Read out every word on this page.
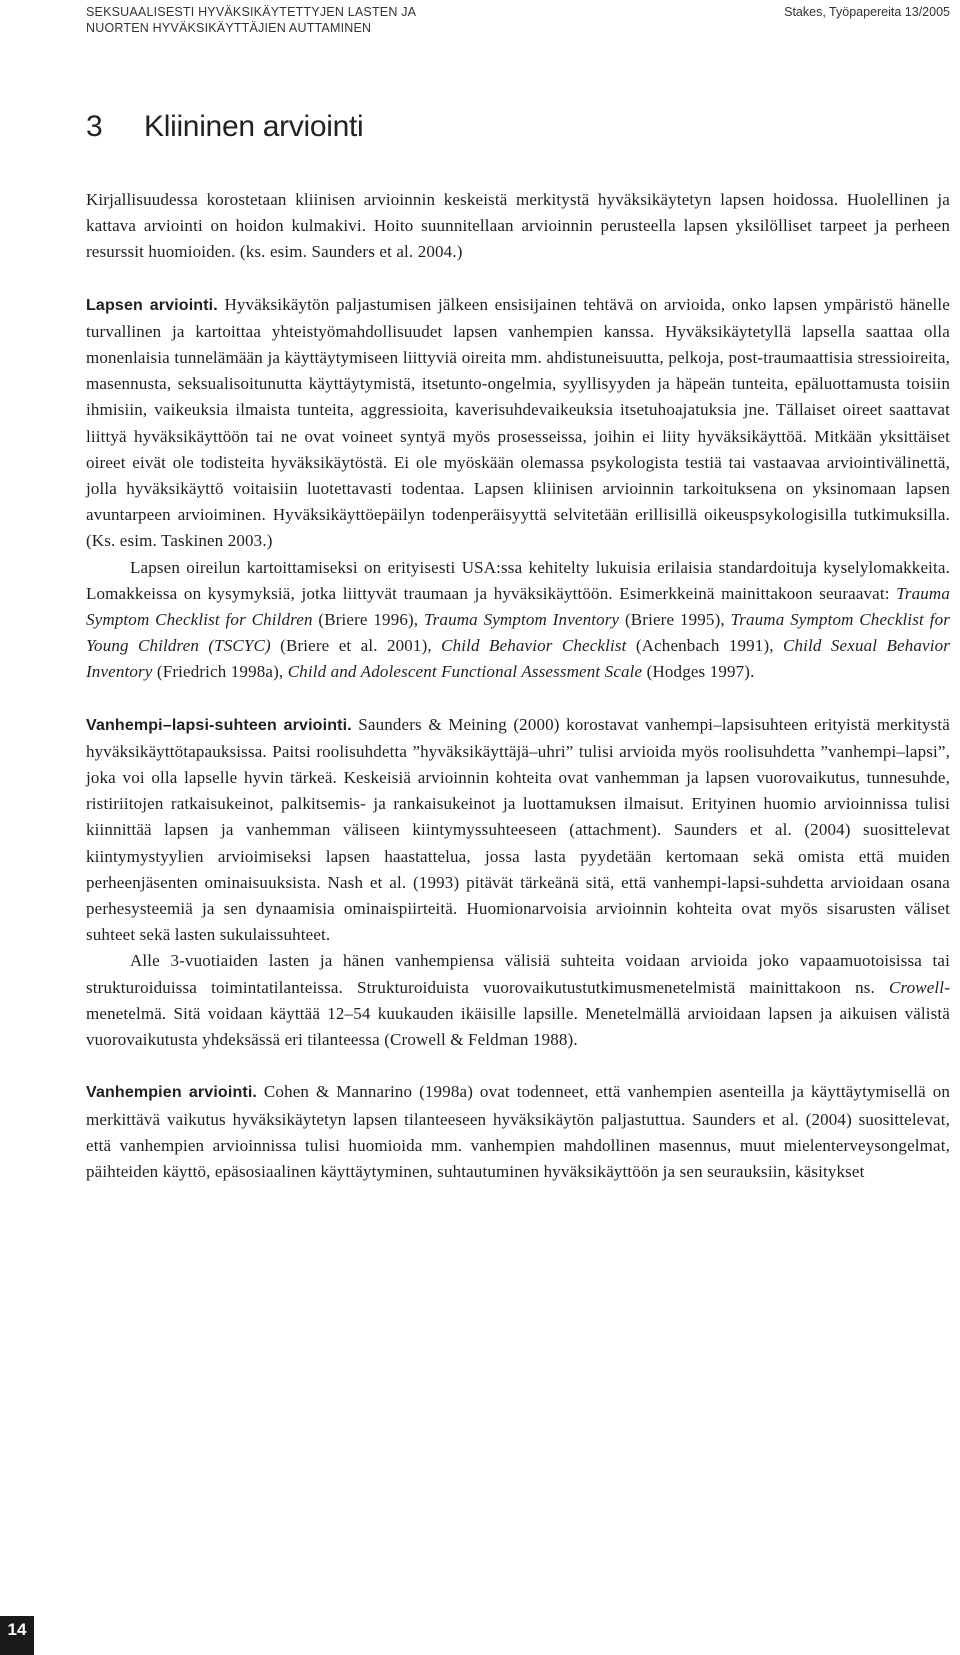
SEKSUAALISESTI HYVÄKSIKÄYTETTYJEN LASTEN JA
NUORTEN HYVÄKSIKÄYTTÄJIEN AUTTAMINEN
Stakes, Työpapereita 13/2005
3 Kliininen arviointi

Kirjallisuudessa korostetaan kliinisen arvioinnin keskeistä merkitystä hyväksikäytetyn lapsen hoidossa. Huolellinen ja kattava arviointi on hoidon kulmakivi. Hoito suunnitellaan arvioinnin perusteella lapsen yksilölliset tarpeet ja perheen resurssit huomioiden. (ks. esim. Saunders et al. 2004.)

Lapsen arviointi. Hyväksikäytön paljastumisen jälkeen ensisijainen tehtävä on arvioida, onko lapsen ympäristö hänelle turvallinen ja kartoittaa yhteistyömahdollisuudet lapsen vanhempien kanssa. Hyväksikäytetyllä lapsella saattaa olla monenlaisia tunnelämään ja käyttäytymiseen liittyviä oireita mm. ahdistuneisuutta, pelkoja, post-traumaattisia stressioireita, masennusta, seksualisoitunutta käyttäytymistä, itsetunto-ongelmia, syyllisyyden ja häpeän tunteita, epäluottamusta toisiin ihmisiin, vaikeuksia ilmaista tunteita, aggressioita, kaverisuhdevaikeuksia itsetuhoajatuksia jne. Tällaiset oireet saattavat liittyä hyväksikäyttöön tai ne ovat voineet syntyä myös prosesseissa, joihin ei liity hyväksikäyttöä. Mitkään yksittäiset oireet eivät ole todisteita hyväksikäytöstä. Ei ole myöskään olemassa psykologista testiä tai vastaavaa arviointivälinettä, jolla hyväksikäyttö voitaisiin luotettavasti todentaa. Lapsen kliinisen arvioinnin tarkoituksena on yksinomaan lapsen avuntarpeen arvioiminen. Hyväksikäyttöepäilyn todenperäisyyttä selvitetään erillisillä oikeuspsykologisilla tutkimuksilla. (Ks. esim. Taskinen 2003.)

Lapsen oireilun kartoittamiseksi on erityisesti USA:ssa kehitelty lukuisia erilaisia standardoituja kyselylomakkeita. Lomakkeissa on kysymyksiä, jotka liittyvät traumaan ja hyväksikäyttöön. Esimerkkeinä mainittakoon seuraavat: Trauma Symptom Checklist for Children (Briere 1996), Trauma Symptom Inventory (Briere 1995), Trauma Symptom Checklist for Young Children (TSCYC) (Briere et al. 2001), Child Behavior Checklist (Achenbach 1991), Child Sexual Behavior Inventory (Friedrich 1998a), Child and Adolescent Functional Assessment Scale (Hodges 1997).

Vanhempi–lapsi-suhteen arviointi. Saunders & Meining (2000) korostavat vanhempi–lapsisuhteen erityistä merkitystä hyväksikäyttötapauksissa. Paitsi roolisuhdetta ”hyväksikäyttäjä–uhri” tulisi arvioida myös roolisuhdetta ”vanhempi–lapsi”, joka voi olla lapselle hyvin tärkeä. Keskeisiä arvioinnin kohteita ovat vanhemman ja lapsen vuorovaikutus, tunnesuhde, ristiriitojen ratkaisukeinot, palkitsemis- ja rankaisukeinot ja luottamuksen ilmaisut. Erityinen huomio arvioinnissa tulisi kiinnittää lapsen ja vanhemman väliseen kiintymyssuhteeseen (attachment). Saunders et al. (2004) suosittelevat kiintymystyylien arvioimiseksi lapsen haastattelua, jossa lasta pyydetään kertomaan sekä omista että muiden perheenjäsenten ominaisuuksista. Nash et al. (1993) pitävät tärkeänä sitä, että vanhempi-lapsi-suhdetta arvioidaan osana perhesysteemiä ja sen dynaamisia ominaispiirteitä. Huomionarvoisia arvioinnin kohteita ovat myös sisarusten väliset suhteet sekä lasten sukulaissuhteet.

Alle 3-vuotiaiden lasten ja hänen vanhempiensa välisiä suhteita voidaan arvioida joko vapaamuotoisissa tai strukturoiduissa toimintatilanteissa. Strukturoiduista vuorovaikutustutkimusmenetelmistä mainittakoon ns. Crowell-menetelmä. Sitä voidaan käyttää 12–54 kuukauden ikäisille lapsille. Menetelmällä arvioidaan lapsen ja aikuisen välistä vuorovaikutusta yhdeksässä eri tilanteessa (Crowell & Feldman 1988).

Vanhempien arviointi. Cohen & Mannarino (1998a) ovat todenneet, että vanhempien asenteilla ja käyttäytymisellä on merkittävä vaikutus hyväksikäytetyn lapsen tilanteeseen hyväksikäytön paljastuttua. Saunders et al. (2004) suosittelevat, että vanhempien arvioinnissa tulisi huomioida mm. vanhempien mahdollinen masennus, muut mielenterveysongelmat, päihteiden käyttö, epäsosiaalinen käyttäytyminen, suhtautuminen hyväksikäyttöön ja sen seurauksiin, käsitykset

14
